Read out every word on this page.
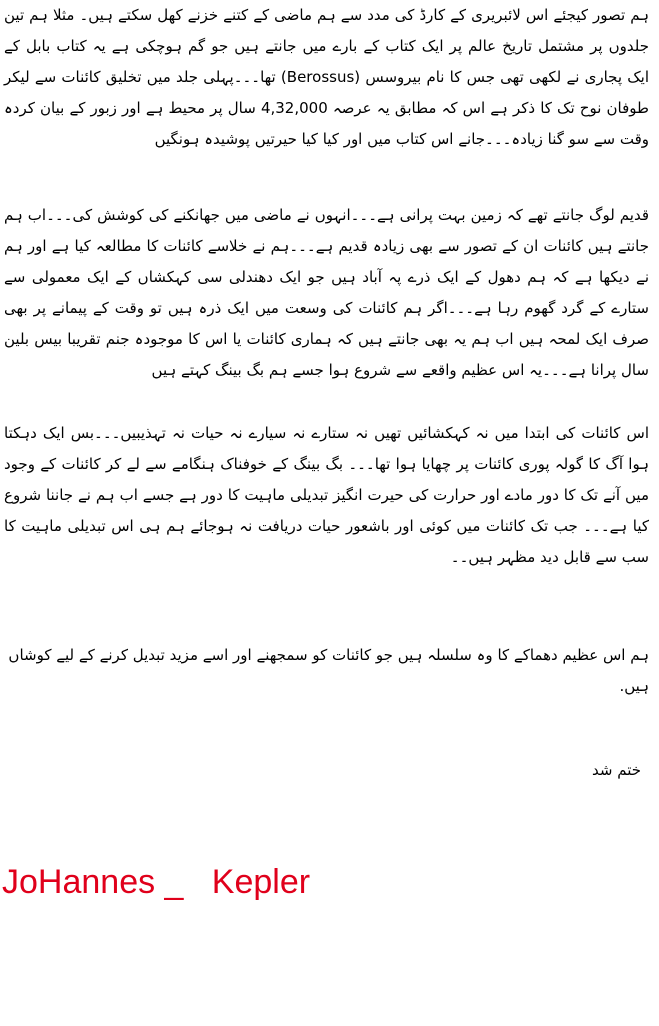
ہم تصور کیجئے اس لائبریری کے کارڈ کی مدد سے ہم ماضی کے کتنے خزنے کھل سکتے ہیں۔ مثلا ہم تین جلدوں پر مشتمل تاریخ عالم پر ایک کتاب کے بارے میں جانتے ہیں جو گم ہوچکی ہے یہ کتاب بابل کے ایک پجاری نے لکھی تھی جس کا نام بیروسس (Berossus) تھا۔۔۔پہلی جلد میں تخلیق کائنات سے لیکر طوفان نوح تک کا ذکر ہے اس کہ مطابق یہ عرصہ 4,32,000 سال پر محیط ہے اور زبور کے بیان کردہ وقت سے سو گنا زیادہ۔۔۔جانے اس کتاب میں اور کیا کیا حیرتیں پوشیدہ ہونگیں

قدیم لوگ جانتے تھے کہ زمین بہت پرانی ہے۔۔۔انہوں نے ماضی میں جھانکنے کی کوشش کی۔۔۔اب ہم جانتے ہیں کائنات ان کے تصور سے بھی زیادہ قدیم ہے۔۔۔ہم نے خلاسے کائنات کا مطالعہ کیا ہے اور ہم نے دیکھا ہے کہ ہم دھول کے ایک ذرے پہ آباد ہیں جو ایک دھندلی سی کہکشاں کے ایک معمولی سے ستارے کے گرد گھوم رہا ہے۔۔۔اگر ہم کائنات کی وسعت میں ایک ذرہ ہیں تو وقت کے پیمانے پر بھی صرف ایک لمحہ ہیں اب ہم یہ بھی جانتے ہیں کہ ہماری کائنات یا اس کا موجودہ جنم تقریبا بیس بلین سال پرانا ہے۔۔۔یہ اس عظیم واقعے سے شروع ہوا جسے ہم بگ بینگ کہتے ہیں

اس کائنات کی ابتدا میں نہ کہکشائیں تھیں نہ ستارے نہ سیارے نہ حیات نہ تہذیبیں۔۔۔بس ایک دہکتا ہوا آگ کا گولہ پوری کائنات پر چھایا ہوا تھا۔۔۔ بگ بینگ کے خوفناک ہنگامے سے لے کر کائنات کے وجود میں آنے تک کا دور مادے اور حرارت کی حیرت انگیز تبدیلی ماہیت کا دور ہے جسے اب ہم نے جاننا شروع کیا ہے۔۔۔ جب تک کائنات میں کوئی اور باشعور حیات دریافت نہ ہوجائے ہم ہی اس تبدیلی ماہیت کا سب سے قابل دید مظہر ہیں۔۔

ہم اس عظیم دھماکے کا وہ سلسلہ ہیں جو کائنات کو سمجھنے اور اسے مزید تبدیل کرنے کے لیے کوشاں ہیں.

ختم شد

JoHannes _   Kepler
